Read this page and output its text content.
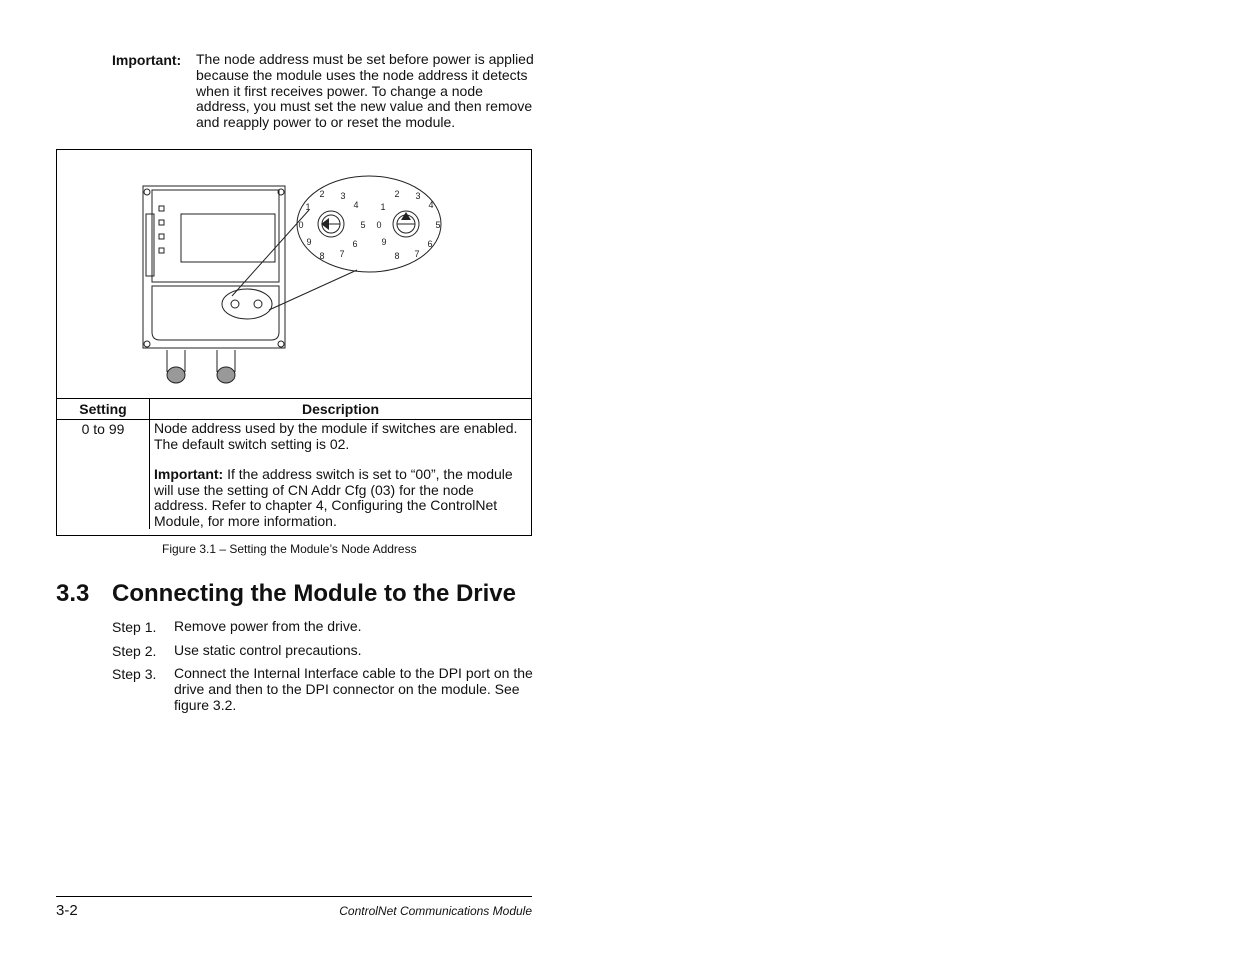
Important: The node address must be set before power is applied because the module uses the node address it detects when it first receives power. To change a node address, you must set the new value and then remove and reapply power to or reset the module.
0
1
2 3
4
5
6
7
8
9
0
1
2 3
4
5
6
7
8
9
Setting	Description
0 to 99	Node address used by the module if switches are enabled. The default switch setting is 02.
Important: If the address switch is set to “00”, the module will use the setting of CN Addr Cfg (03) for the node address. Refer to chapter 4, Configuring the ControlNet Module, for more information.
Figure 3.1 – Setting the Module’s Node Address
3.3 Connecting the Module to the Drive
Step 1. Remove power from the drive.
Step 2. Use static control precautions.
Step 3. Connect the Internal Interface cable to the DPI port on the drive and then to the DPI connector on the module. See figure 3.2.
3-2	ControlNet Communications Module
